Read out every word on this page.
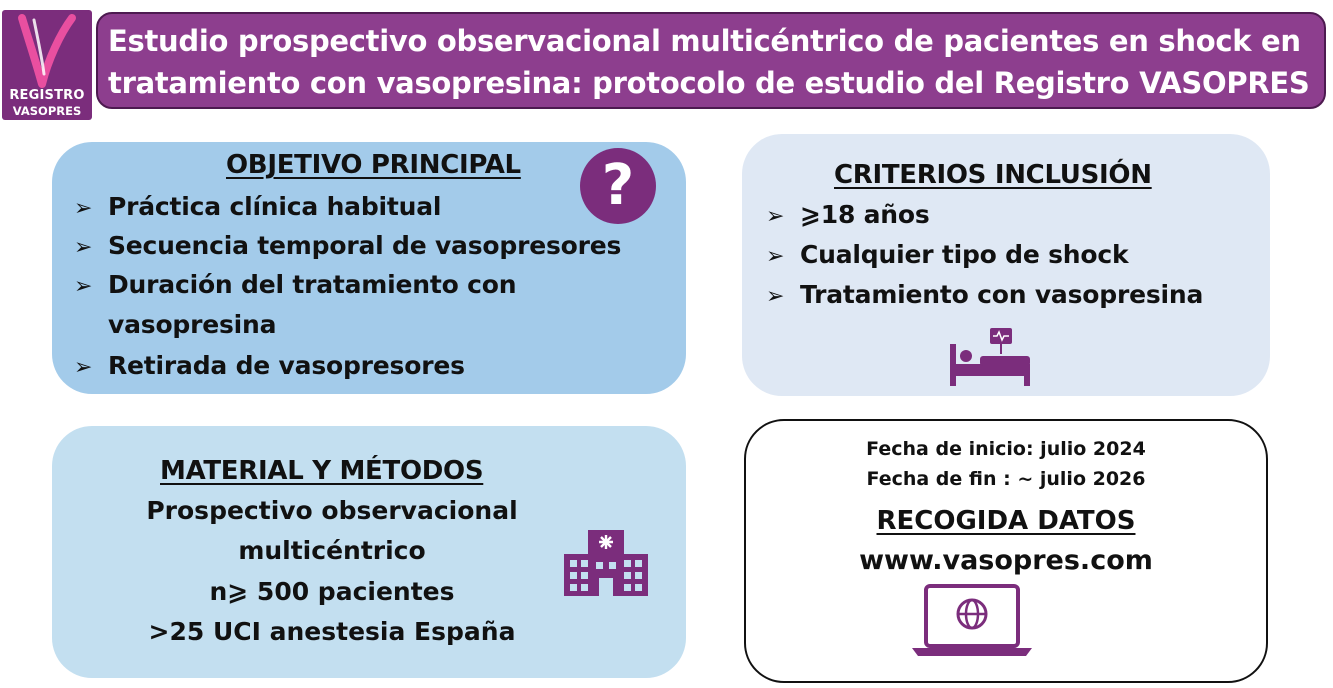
REGISTRO
VASOPRES
Estudio prospectivo observacional multicéntrico de pacientes en shock en
tratamiento con vasopresina: protocolo de estudio del Registro VASOPRES
OBJETIVO PRINCIPAL	?
➢ Práctica clínica habitual
➢ Secuencia temporal de vasopresores
➢ Duración del tratamiento con
vasopresina
➢ Retirada de vasopresores
CRITERIOS INCLUSIÓN
➢ ⩾18 años
➢ Cualquier tipo de shock
➢ Tratamiento con vasopresina
MATERIAL Y MÉTODOS
Prospectivo observacional
multicéntrico
n⩾ 500 pacientes
>25 UCI anestesia España
Fecha de inicio: julio 2024
Fecha de fin : ~ julio 2026
RECOGIDA DATOS
www.vasopres.com
